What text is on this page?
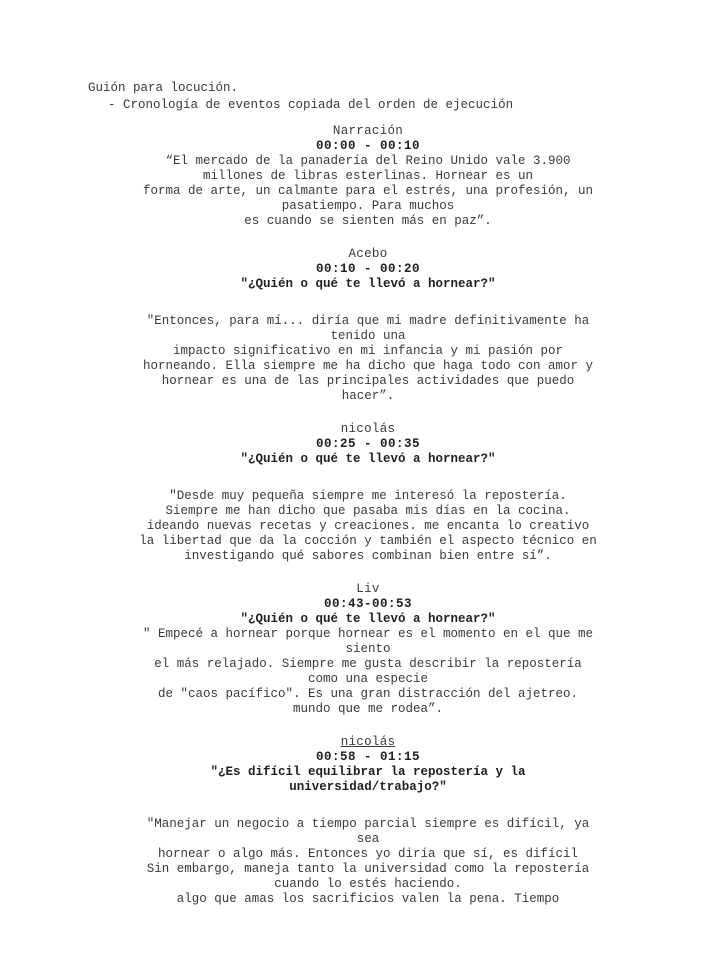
Guión para locución.
- Cronología de eventos copiada del orden de ejecución
Narración
00:00 - 00:10
“El mercado de la panadería del Reino Unido vale 3.900
millones de libras esterlinas. Hornear es un
forma de arte, un calmante para el estrés, una profesión, un
pasatiempo. Para muchos
es cuando se sienten más en paz”.
Acebo
00:10 - 00:20
"¿Quién o qué te llevó a hornear?"
"Entonces, para mí... diría que mi madre definitivamente ha
tenido una
impacto significativo en mi infancia y mi pasión por
horneando. Ella siempre me ha dicho que haga todo con amor y
hornear es una de las principales actividades que puedo
hacer”.
nicolás
00:25 - 00:35
"¿Quién o qué te llevó a hornear?"
"Desde muy pequeña siempre me interesó la repostería.
Siempre me han dicho que pasaba mis días en la cocina.
ideando nuevas recetas y creaciones. me encanta lo creativo
la libertad que da la cocción y también el aspecto técnico en
investigando qué sabores combinan bien entre sí”.
Liv
00:43-00:53
"¿Quién o qué te llevó a hornear?"
" Empecé a hornear porque hornear es el momento en el que me
siento
el más relajado. Siempre me gusta describir la repostería
como una especie
de "caos pacífico". Es una gran distracción del ajetreo.
mundo que me rodea”.
nicolás
00:58 - 01:15
"¿Es difícil equilibrar la repostería y la
universidad/trabajo?"
"Manejar un negocio a tiempo parcial siempre es difícil, ya
sea
hornear o algo más. Entonces yo diría que sí, es difícil
Sin embargo, maneja tanto la universidad como la repostería
cuando lo estés haciendo.
algo que amas los sacrificios valen la pena. Tiempo
